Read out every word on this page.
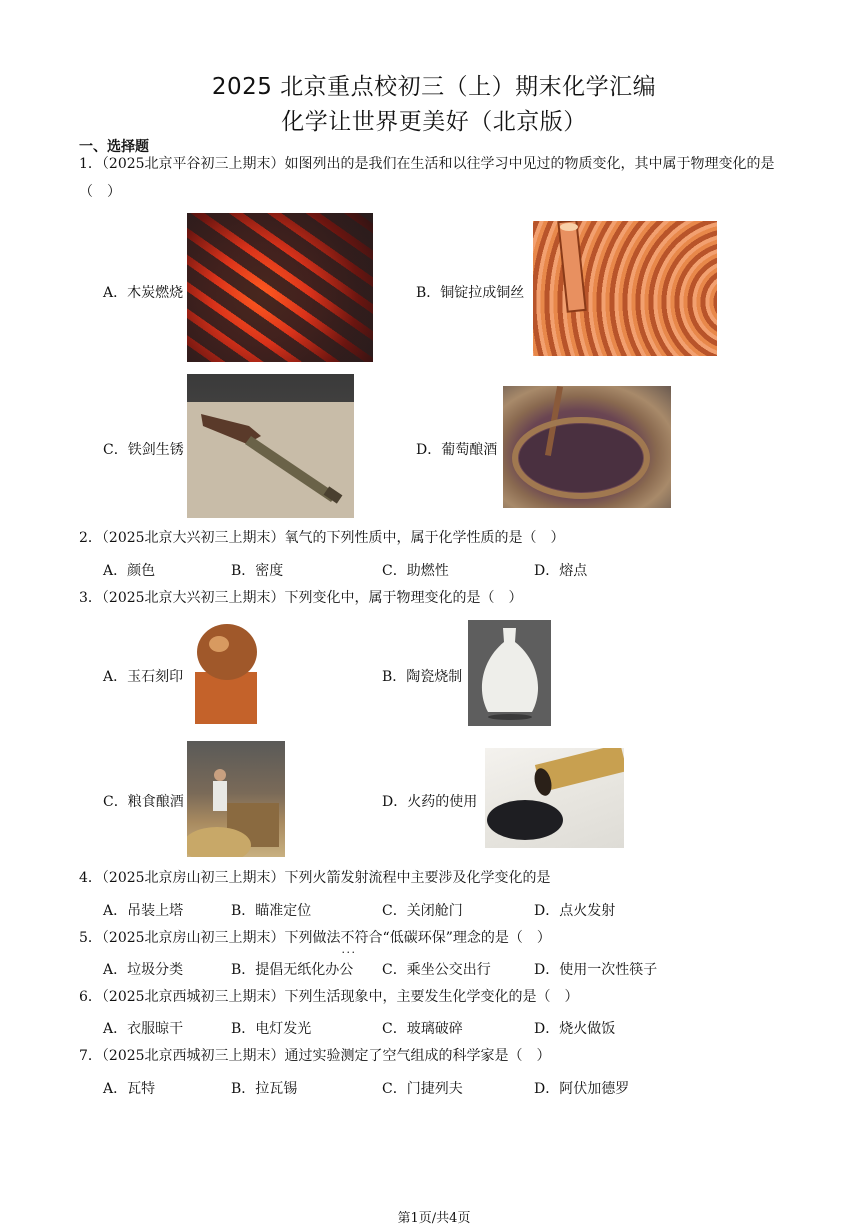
2025 北京重点校初三（上）期末化学汇编
化学让世界更美好（北京版）
一、选择题
1．（2025北京平谷初三上期末）如图列出的是我们在生活和以往学习中见过的物质变化，其中属于物理变化的是（　）
A．木炭燃烧	B．铜锭拉成铜丝
C．铁剑生锈	D．葡萄酿酒
2．（2025北京大兴初三上期末）氧气的下列性质中，属于化学性质的是（　）
A．颜色	B．密度	C．助燃性	D．熔点
3．（2025北京大兴初三上期末）下列变化中，属于物理变化的是（　）
A．玉石刻印	B．陶瓷烧制
C．粮食酿酒	D．火药的使用
4．（2025北京房山初三上期末）下列火箭发射流程中主要涉及化学变化的是
A．吊装上塔	B．瞄准定位	C．关闭舱门	D．点火发射
5．（2025北京房山初三上期末）下列做法不符合 · · ·“低碳环保”理念的是（　）
A．垃圾分类	B．提倡无纸化办公 C．乘坐公交出行	D．使用一次性筷子
6．（2025北京西城初三上期末）下列生活现象中，主要发生化学变化的是（　）
A．衣服晾干	B．电灯发光	C．玻璃破碎	D．烧火做饭
7．（2025北京西城初三上期末）通过实验测定了空气组成的科学家是（　）
A．瓦特	B．拉瓦锡	C．门捷列夫	D．阿伏加德罗
第1页/共4页
